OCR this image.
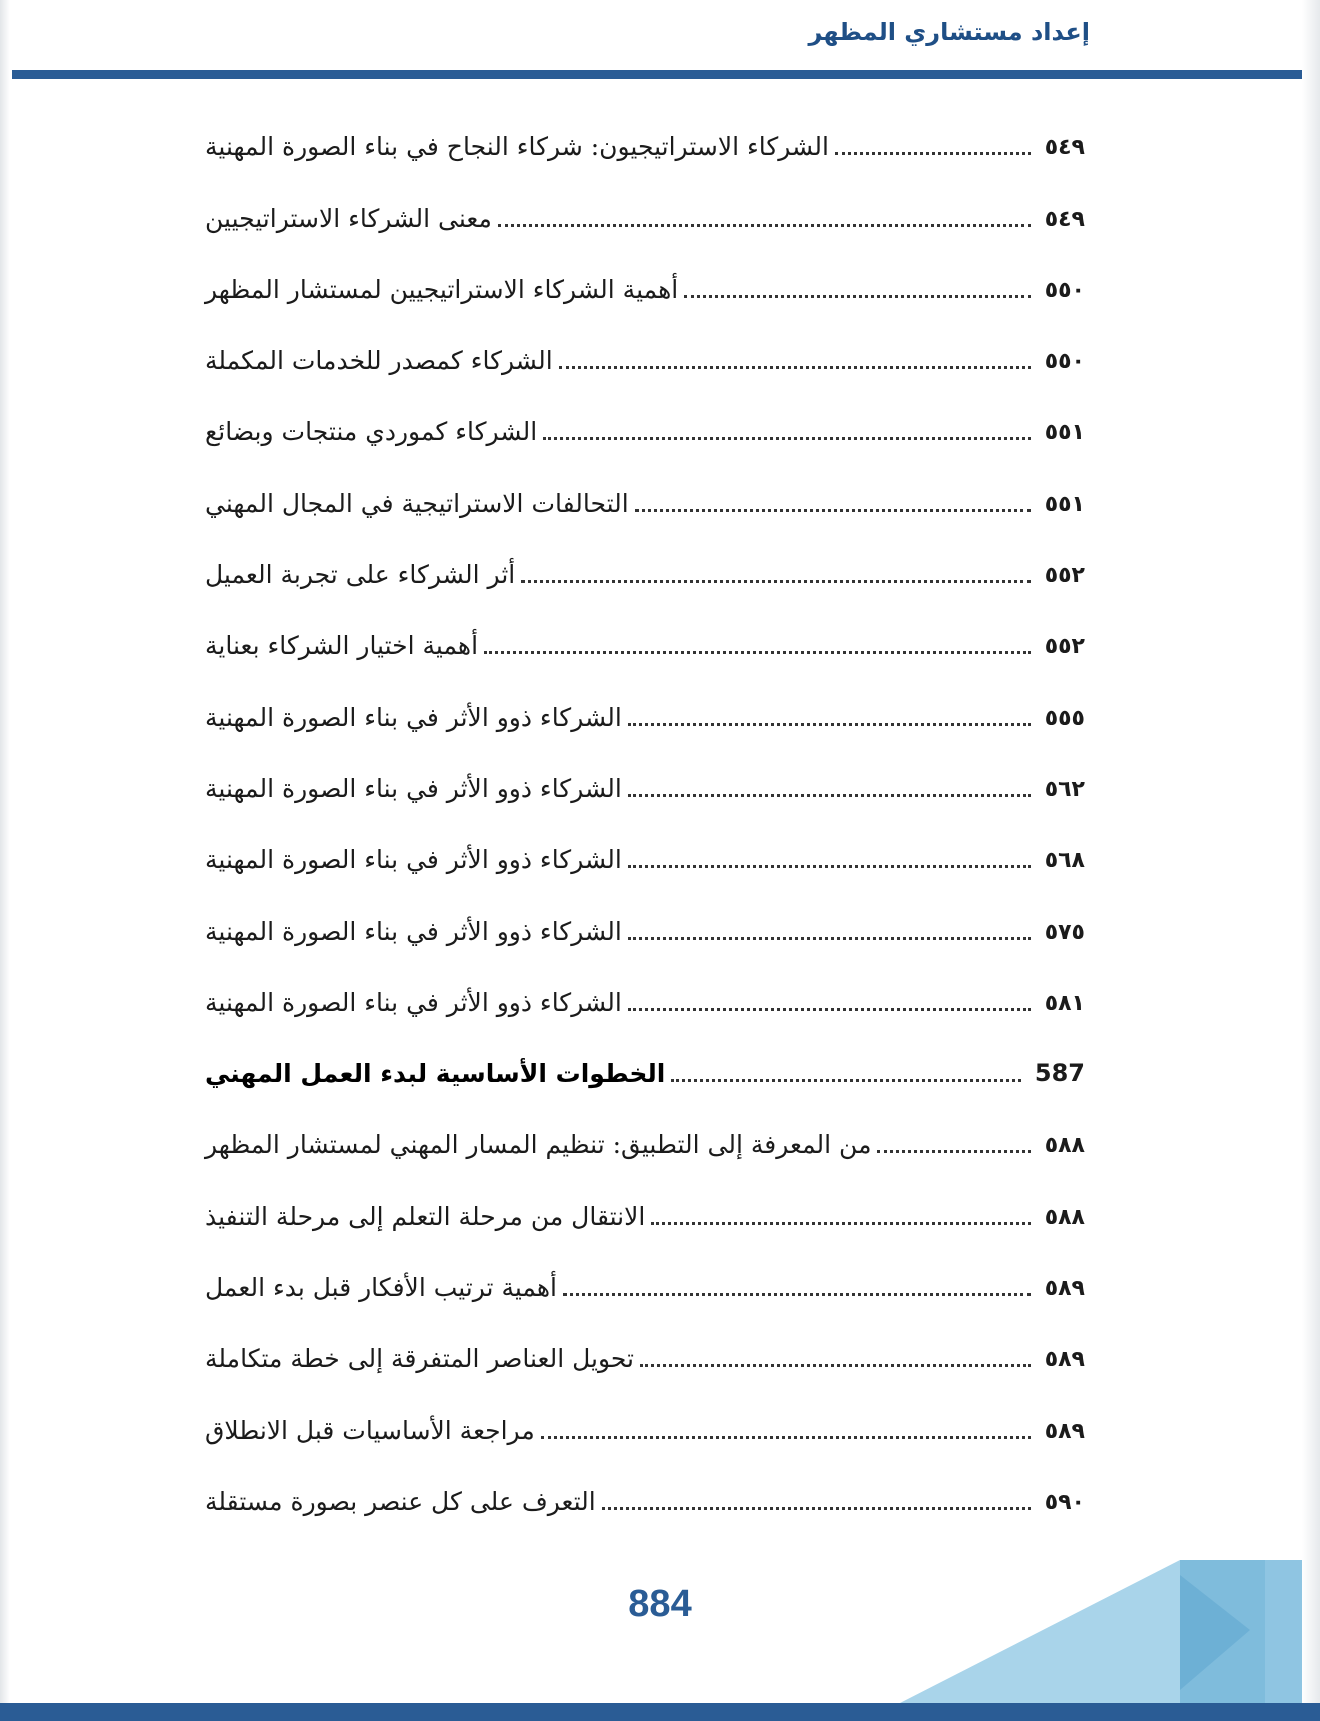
إعداد مستشاري المظهر
الشركاء الاستراتيجيون: شركاء النجاح في بناء الصورة المهنية	٥٤٩
معنى الشركاء الاستراتيجيين	٥٤٩
أهمية الشركاء الاستراتيجيين لمستشار المظهر	٥٥٠
الشركاء كمصدر للخدمات المكملة	٥٥٠
الشركاء كموردي منتجات وبضائع	٥٥١
التحالفات الاستراتيجية في المجال المهني	٥٥١
أثر الشركاء على تجربة العميل	٥٥٢
أهمية اختيار الشركاء بعناية	٥٥٢
الشركاء ذوو الأثر في بناء الصورة المهنية	٥٥٥
الشركاء ذوو الأثر في بناء الصورة المهنية	٥٦٢
الشركاء ذوو الأثر في بناء الصورة المهنية	٥٦٨
الشركاء ذوو الأثر في بناء الصورة المهنية	٥٧٥
الشركاء ذوو الأثر في بناء الصورة المهنية	٥٨١
الخطوات الأساسية لبدء العمل المهني	587
من المعرفة إلى التطبيق: تنظيم المسار المهني لمستشار المظهر	٥٨٨
الانتقال من مرحلة التعلم إلى مرحلة التنفيذ	٥٨٨
أهمية ترتيب الأفكار قبل بدء العمل	٥٨٩
تحويل العناصر المتفرقة إلى خطة متكاملة	٥٨٩
مراجعة الأساسيات قبل الانطلاق	٥٨٩
التعرف على كل عنصر بصورة مستقلة	٥٩٠
884
